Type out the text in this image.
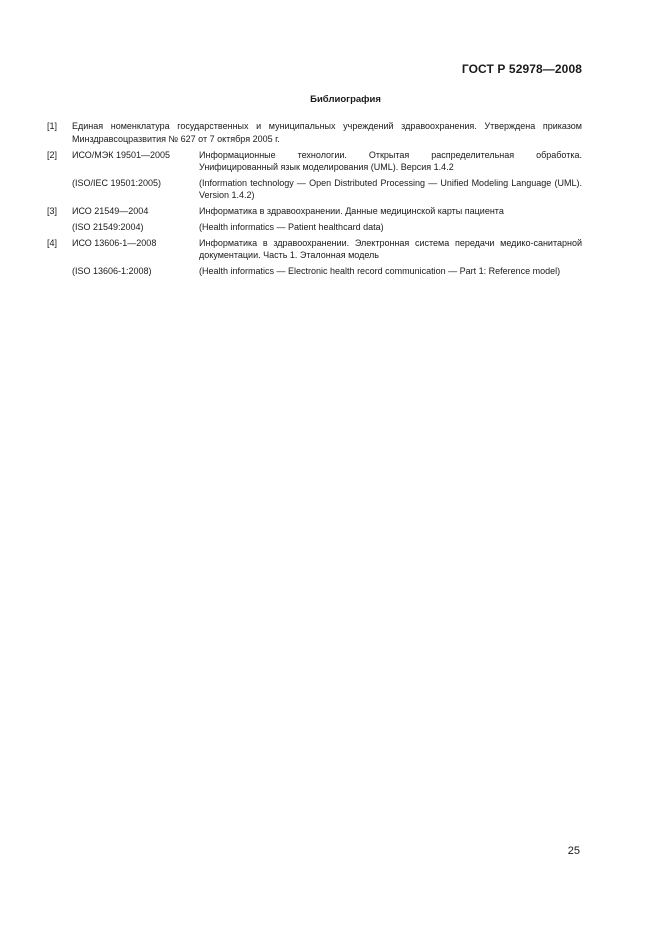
ГОСТ Р 52978—2008
Библиография
[1]	Единая номенклатура государственных и муниципальных учреждений здравоохранения. Утверждена приказом Минздравсоцразвития № 627 от 7 октября 2005 г.
[2]	ИСО/МЭК 19501—2005	Информационные технологии. Открытая распределительная обработка. Унифицированный язык моделирования (UML). Версия 1.4.2
(ISO/IEC 19501:2005)	(Information technology — Open Distributed Processing — Unified Modeling Language (UML). Version 1.4.2)
[3]	ИСО 21549—2004	Информатика в здравоохранении. Данные медицинской карты пациента
(ISO 21549:2004)	(Health informatics — Patient healthcard data)
[4]	ИСО 13606-1—2008	Информатика в здравоохранении. Электронная система передачи медико-санитарной документации. Часть 1. Эталонная модель
(ISO 13606-1:2008)	(Health informatics — Electronic health record communication — Part 1: Reference model)
25
